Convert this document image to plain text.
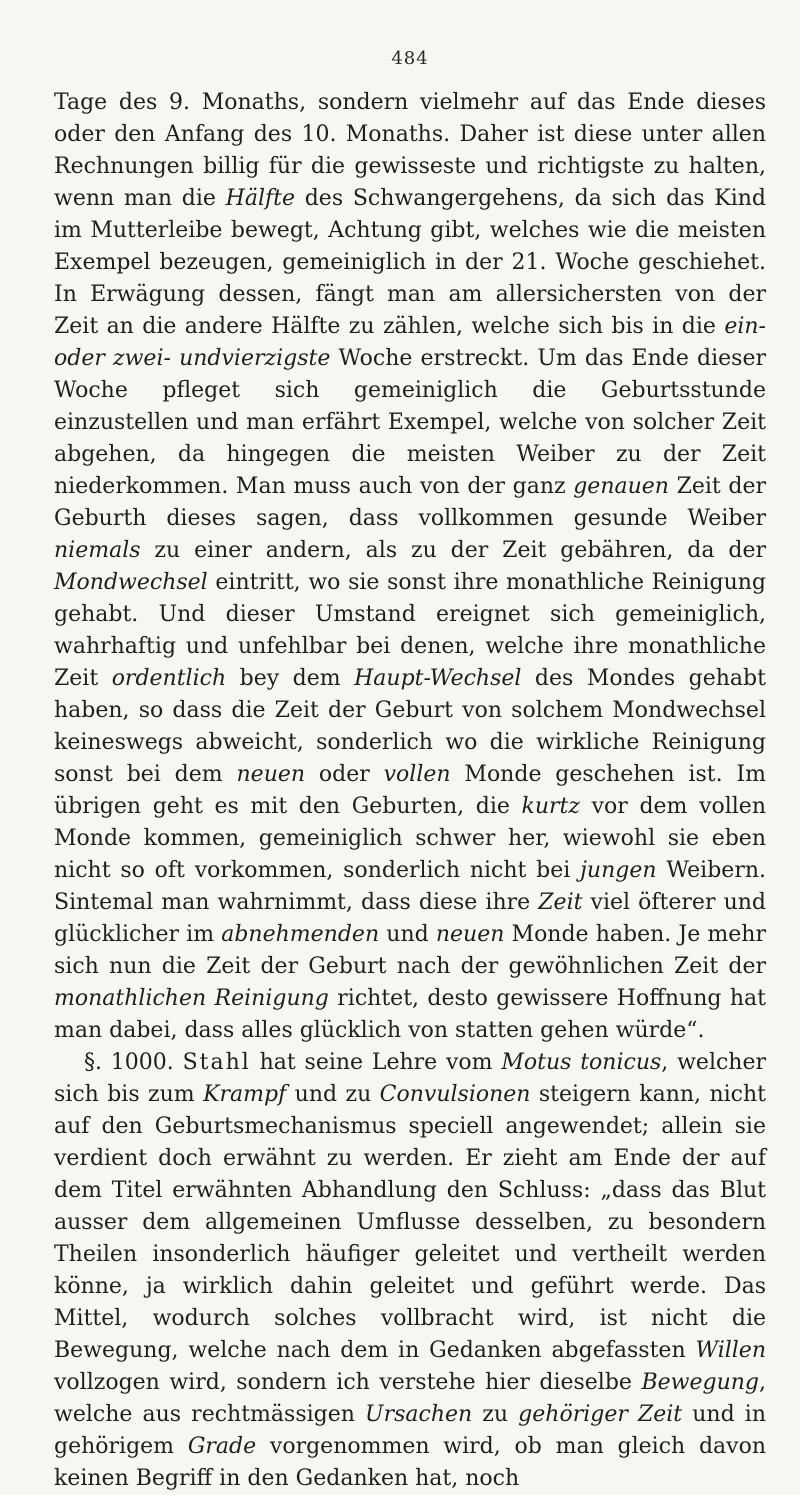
484

Tage des 9. Monaths, sondern vielmehr auf das Ende dieses oder den Anfang des 10. Monaths. Daher ist diese unter allen Rechnungen billig für die gewisseste und richtigste zu halten, wenn man die Hälfte des Schwangergehens, da sich das Kind im Mutterleibe bewegt, Achtung gibt, welches wie die meisten Exempel bezeugen, gemeiniglich in der 21. Woche geschiehet. In Erwägung dessen, fängt man am allersichersten von der Zeit an die andere Hälfte zu zählen, welche sich bis in die ein- oder zwei- undvierzigste Woche erstreckt. Um das Ende dieser Woche pfleget sich gemeiniglich die Geburtsstunde einzustellen und man erfährt Exempel, welche von solcher Zeit abgehen, da hingegen die meisten Weiber zu der Zeit niederkommen. Man muss auch von der ganz genauen Zeit der Geburth dieses sagen, dass vollkommen gesunde Weiber niemals zu einer andern, als zu der Zeit gebähren, da der Mondwechsel eintritt, wo sie sonst ihre monathliche Reinigung gehabt. Und dieser Umstand ereignet sich gemeiniglich, wahrhaftig und unfehlbar bei denen, welche ihre monathliche Zeit ordentlich bey dem Haupt-Wechsel des Mondes gehabt haben, so dass die Zeit der Geburt von solchem Mondwechsel keineswegs abweicht, sonderlich wo die wirkliche Reinigung sonst bei dem neuen oder vollen Monde geschehen ist. Im übrigen geht es mit den Geburten, die kurtz vor dem vollen Monde kommen, gemeiniglich schwer her, wiewohl sie eben nicht so oft vorkommen, sonderlich nicht bei jungen Weibern. Sintemal man wahrnimmt, dass diese ihre Zeit viel öfterer und glücklicher im abnehmenden und neuen Monde haben. Je mehr sich nun die Zeit der Geburt nach der gewöhnlichen Zeit der monathlichen Reinigung richtet, desto gewissere Hoffnung hat man dabei, dass alles glücklich von statten gehen würde“.

§. 1000. Stahl hat seine Lehre vom Motus tonicus, welcher sich bis zum Krampf und zu Convulsionen steigern kann, nicht auf den Geburtsmechanismus speciell angewendet; allein sie verdient doch erwähnt zu werden. Er zieht am Ende der auf dem Titel erwähnten Abhandlung den Schluss: „dass das Blut ausser dem allgemeinen Umflusse desselben, zu besondern Theilen insonderlich häufiger geleitet und vertheilt werden könne, ja wirklich dahin geleitet und geführt werde. Das Mittel, wodurch solches vollbracht wird, ist nicht die Bewegung, welche nach dem in Gedanken abgefassten Willen vollzogen wird, sondern ich verstehe hier dieselbe Bewegung, welche aus rechtmässigen Ursachen zu gehöriger Zeit und in gehörigem Grade vorgenommen wird, ob man gleich davon keinen Begriff in den Gedanken hat, noch
